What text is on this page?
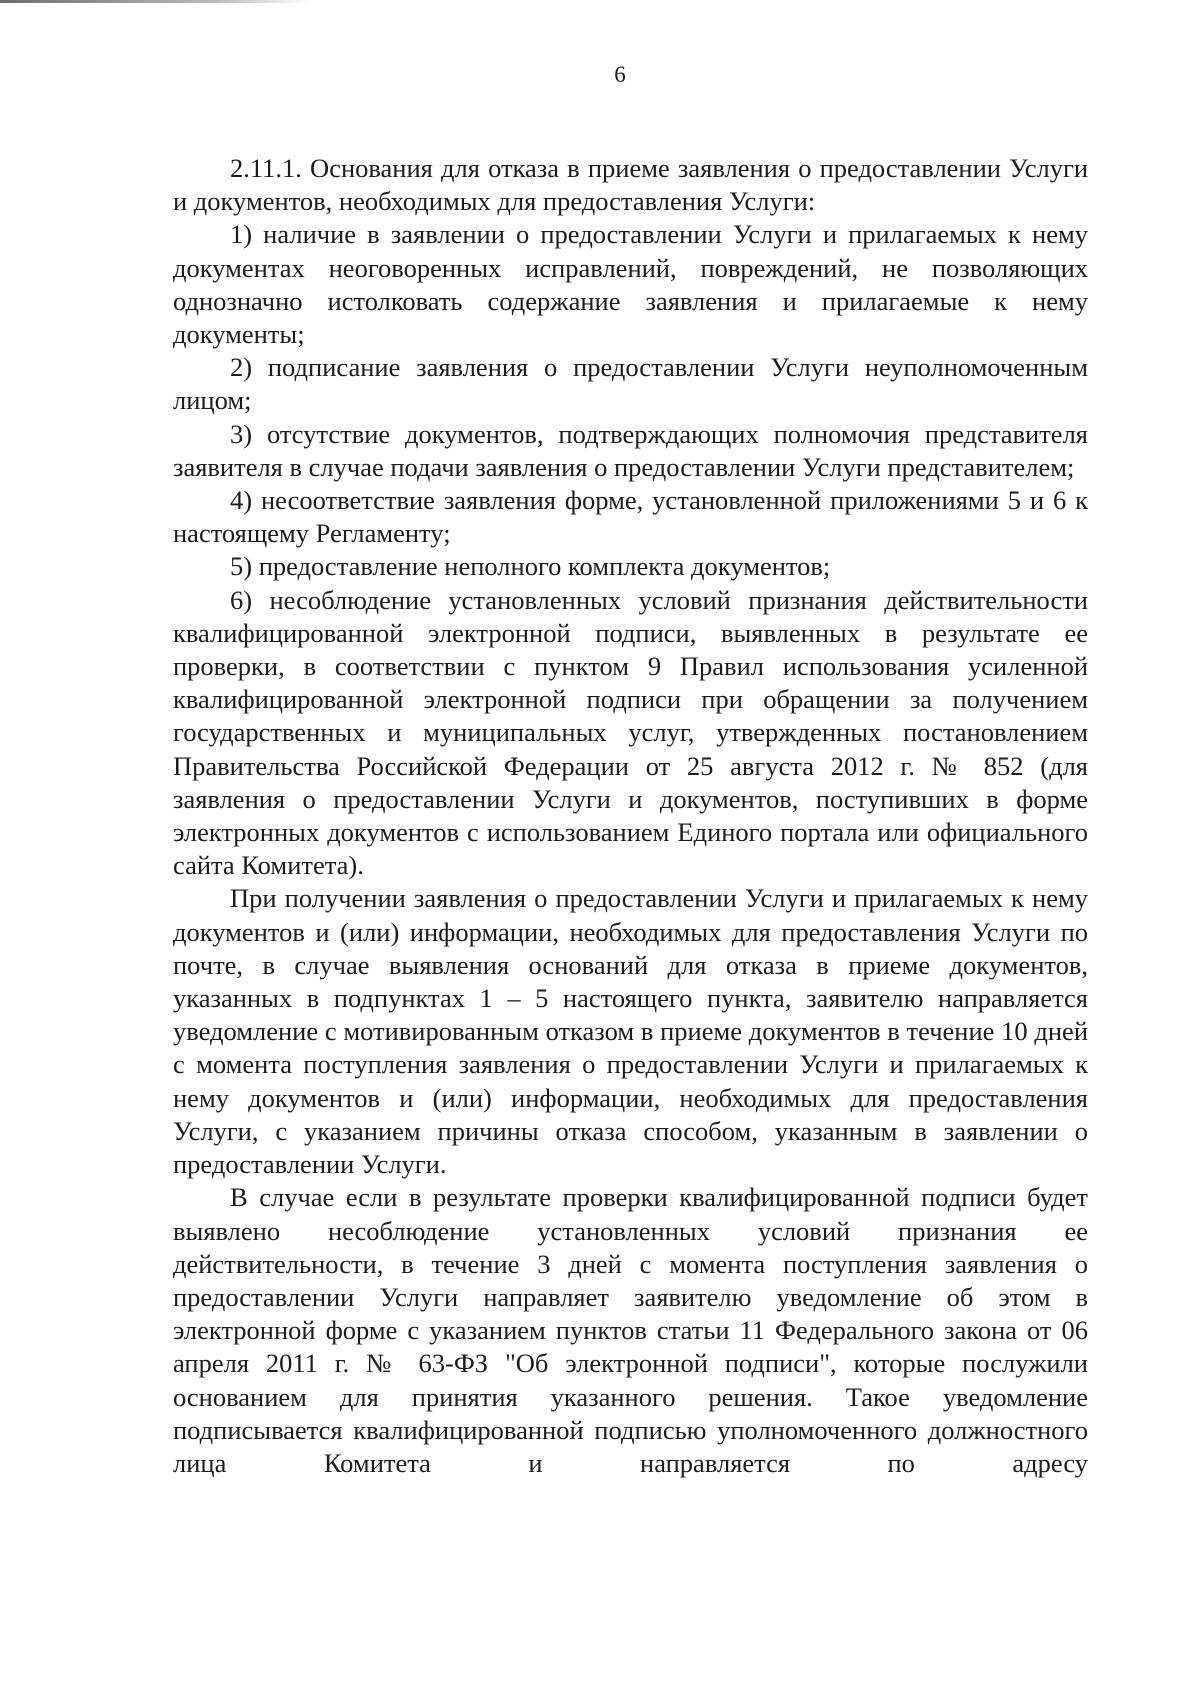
6

2.11.1. Основания для отказа в приеме заявления о предоставлении Услуги и документов, необходимых для предоставления Услуги:

1) наличие в заявлении о предоставлении Услуги и прилагаемых к нему документах неоговоренных исправлений, повреждений, не позволяющих однозначно истолковать содержание заявления и прилагаемые к нему документы;

2) подписание заявления о предоставлении Услуги неуполномоченным лицом;

3) отсутствие документов, подтверждающих полномочия представителя заявителя в случае подачи заявления о предоставлении Услуги представителем;

4) несоответствие заявления форме, установленной приложениями 5 и 6 к настоящему Регламенту;

5) предоставление неполного комплекта документов;

6) несоблюдение установленных условий признания действительности квалифицированной электронной подписи, выявленных в результате ее проверки, в соответствии с пунктом 9 Правил использования усиленной квалифицированной электронной подписи при обращении за получением государственных и муниципальных услуг, утвержденных постановлением Правительства Российской Федерации от 25 августа 2012 г. № 852 (для заявления о предоставлении Услуги и документов, поступивших в форме электронных документов с использованием Единого портала или официального сайта Комитета).

При получении заявления о предоставлении Услуги и прилагаемых к нему документов и (или) информации, необходимых для предоставления Услуги по почте, в случае выявления оснований для отказа в приеме документов, указанных в подпунктах 1 – 5 настоящего пункта, заявителю направляется уведомление с мотивированным отказом в приеме документов в течение 10 дней с момента поступления заявления о предоставлении Услуги и прилагаемых к нему документов и (или) информации, необходимых для предоставления Услуги, с указанием причины отказа способом, указанным в заявлении о предоставлении Услуги.

В случае если в результате проверки квалифицированной подписи будет выявлено несоблюдение установленных условий признания ее действительности, в течение 3 дней с момента поступления заявления о предоставлении Услуги направляет заявителю уведомление об этом в электронной форме с указанием пунктов статьи 11 Федерального закона от 06 апреля 2011 г. № 63-ФЗ "Об электронной подписи", которые послужили основанием для принятия указанного решения. Такое уведомление подписывается квалифицированной подписью уполномоченного должностного лица Комитета и направляется по адресу
